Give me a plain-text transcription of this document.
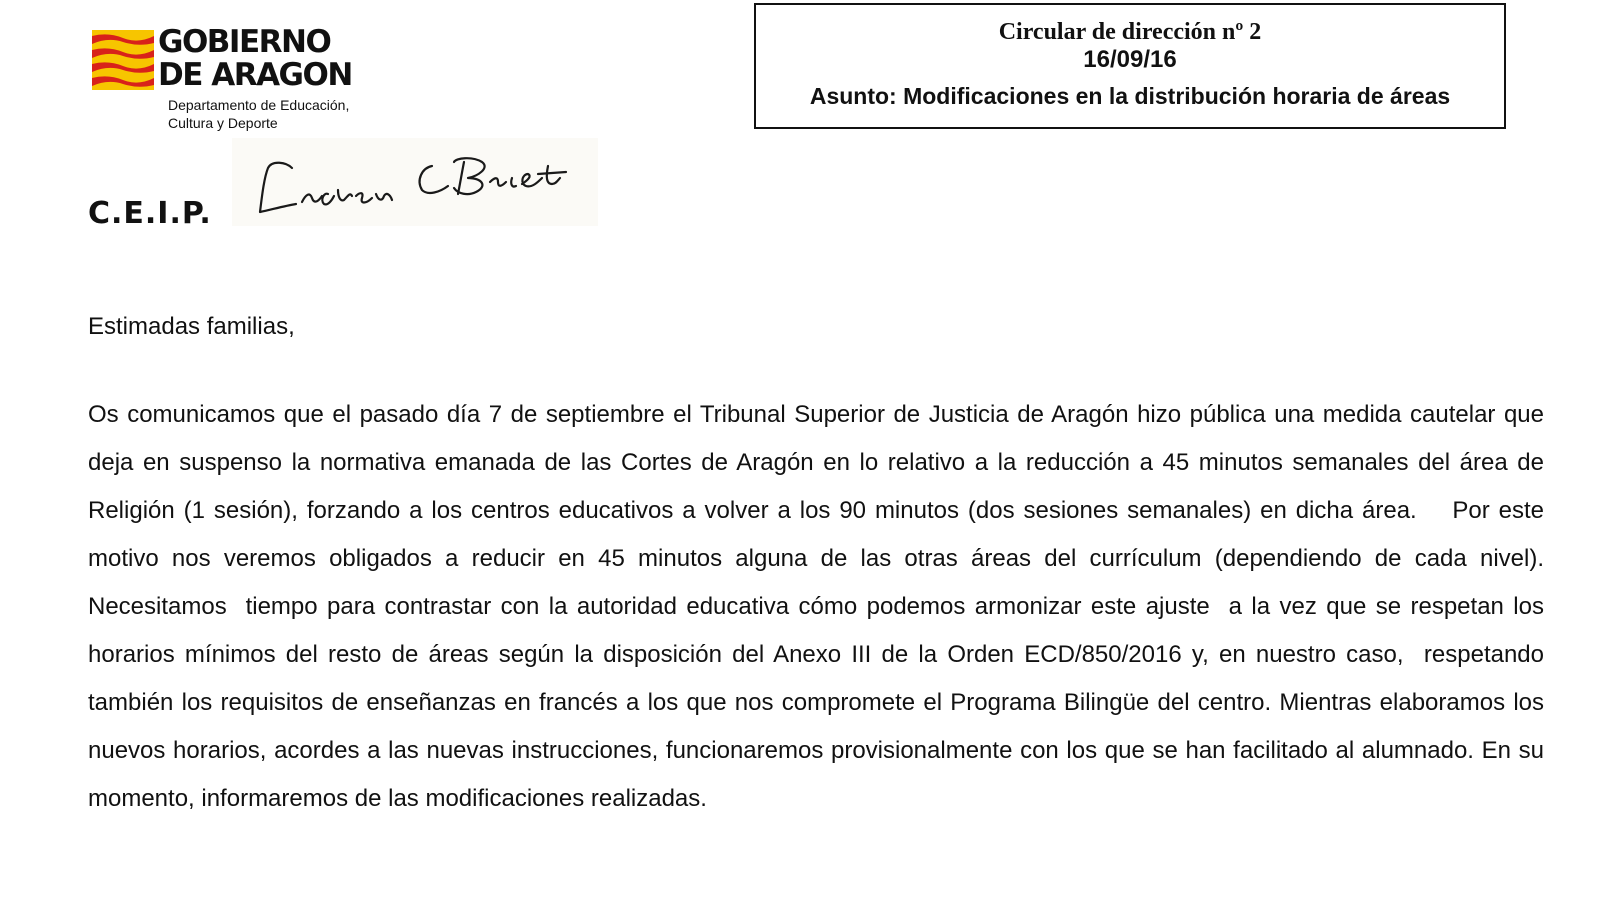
GOBIERNO
DE ARAGON
Departamento de Educación,
Cultura y Deporte
Circular de dirección nº 2
16/09/16
Asunto: Modificaciones en la distribución horaria de áreas
C.E.I.P.
Estimadas familias,

Os comunicamos que el pasado día 7 de septiembre el Tribunal Superior de Justicia de Aragón hizo pública una medida cautelar que deja en suspenso la normativa emanada de las Cortes de Aragón en lo relativo a la reducción a 45 minutos semanales del área de Religión (1 sesión), forzando a los centros educativos a volver a los 90 minutos (dos sesiones semanales) en dicha área.    Por este motivo nos veremos obligados a reducir en 45 minutos alguna de las otras áreas del currículum (dependiendo de cada nivel). Necesitamos  tiempo para contrastar con la autoridad educativa cómo podemos armonizar este ajuste  a la vez que se respetan los horarios mínimos del resto de áreas según la disposición del Anexo III de la Orden ECD/850/2016 y, en nuestro caso,  respetando también los requisitos de enseñanzas en francés a los que nos compromete el Programa Bilingüe del centro. Mientras elaboramos los nuevos horarios, acordes a las nuevas instrucciones, funcionaremos provisionalmente con los que se han facilitado al alumnado. En su momento, informaremos de las modificaciones realizadas.
